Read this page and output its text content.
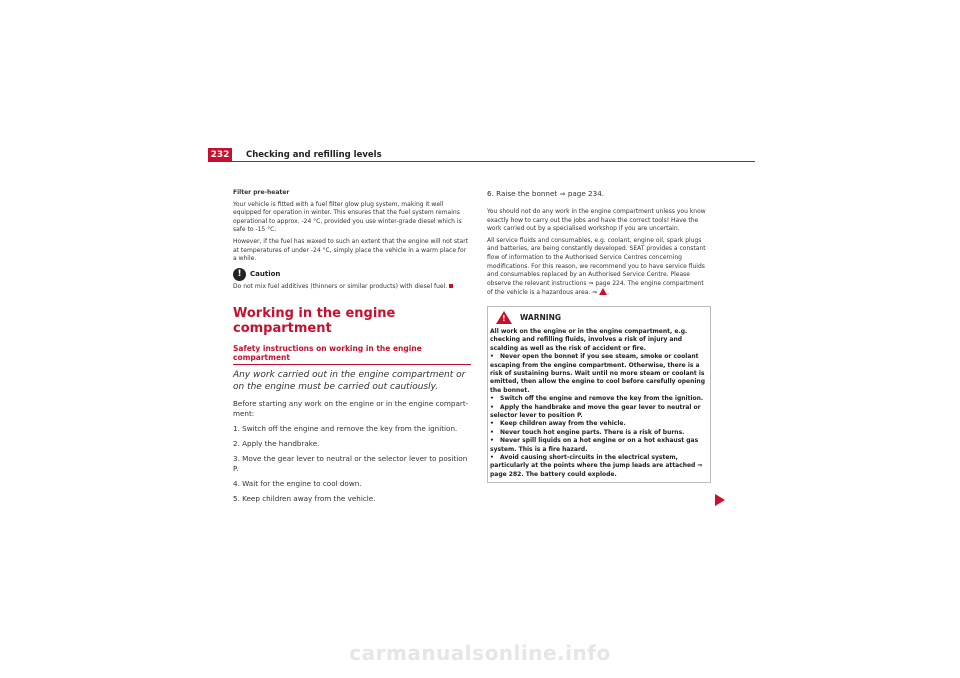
232	Checking and refilling levels

Filter pre-heater

Your vehicle is fitted with a fuel filter glow plug system, making it well equipped for operation in winter. This ensures that the fuel system remains operational to approx. -24 °C, provided you use winter-grade diesel which is safe to -15 °C.

However, if the fuel has waxed to such an extent that the engine will not start at temperatures of under -24 °C, simply place the vehicle in a warm place for a while.

!	Caution
Do not mix fuel additives (thinners or similar products) with diesel fuel.
Working in the engine compartment
Safety instructions on working in the engine compartment
Any work carried out in the engine compartment or on the engine must be carried out cautiously.
Before starting any work on the engine or in the engine compart-ment:

1. Switch off the engine and remove the key from the ignition.

2. Apply the handbrake.

3. Move the gear lever to neutral or the selector lever to position P.

4. Wait for the engine to cool down.

5. Keep children away from the vehicle.

6. Raise the bonnet ⇒ page 234.

You should not do any work in the engine compartment unless you know exactly how to carry out the jobs and have the correct tools! Have the work carried out by a specialised workshop if you are uncertain.

All service fluids and consumables, e.g. coolant, engine oil, spark plugs and batteries, are being constantly developed. SEAT provides a constant flow of information to the Authorised Service Centres concerning modifications. For this reason, we recommend you to have service fluids and consumables replaced by an Authorised Service Centre. Please observe the relevant instructions ⇒ page 224. The engine compartment of the vehicle is a hazardous area. ⇒ .

! WARNING

All work on the engine or in the engine compartment, e.g. checking and refilling fluids, involves a risk of injury and scalding as well as the risk of accident or fire.

• Never open the bonnet if you see steam, smoke or coolant escaping from the engine compartment. Otherwise, there is a risk of sustaining burns. Wait until no more steam or coolant is emitted, then allow the engine to cool before carefully opening the bonnet.

• Switch off the engine and remove the key from the ignition.

• Apply the handbrake and move the gear lever to neutral or selector lever to position P.

• Keep children away from the vehicle.

• Never touch hot engine parts. There is a risk of burns.

• Never spill liquids on a hot engine or on a hot exhaust gas system. This is a fire hazard.

• Avoid causing short-circuits in the electrical system, particularly at the points where the jump leads are attached ⇒ page 282. The battery could explode.

carmanualsonline.info
